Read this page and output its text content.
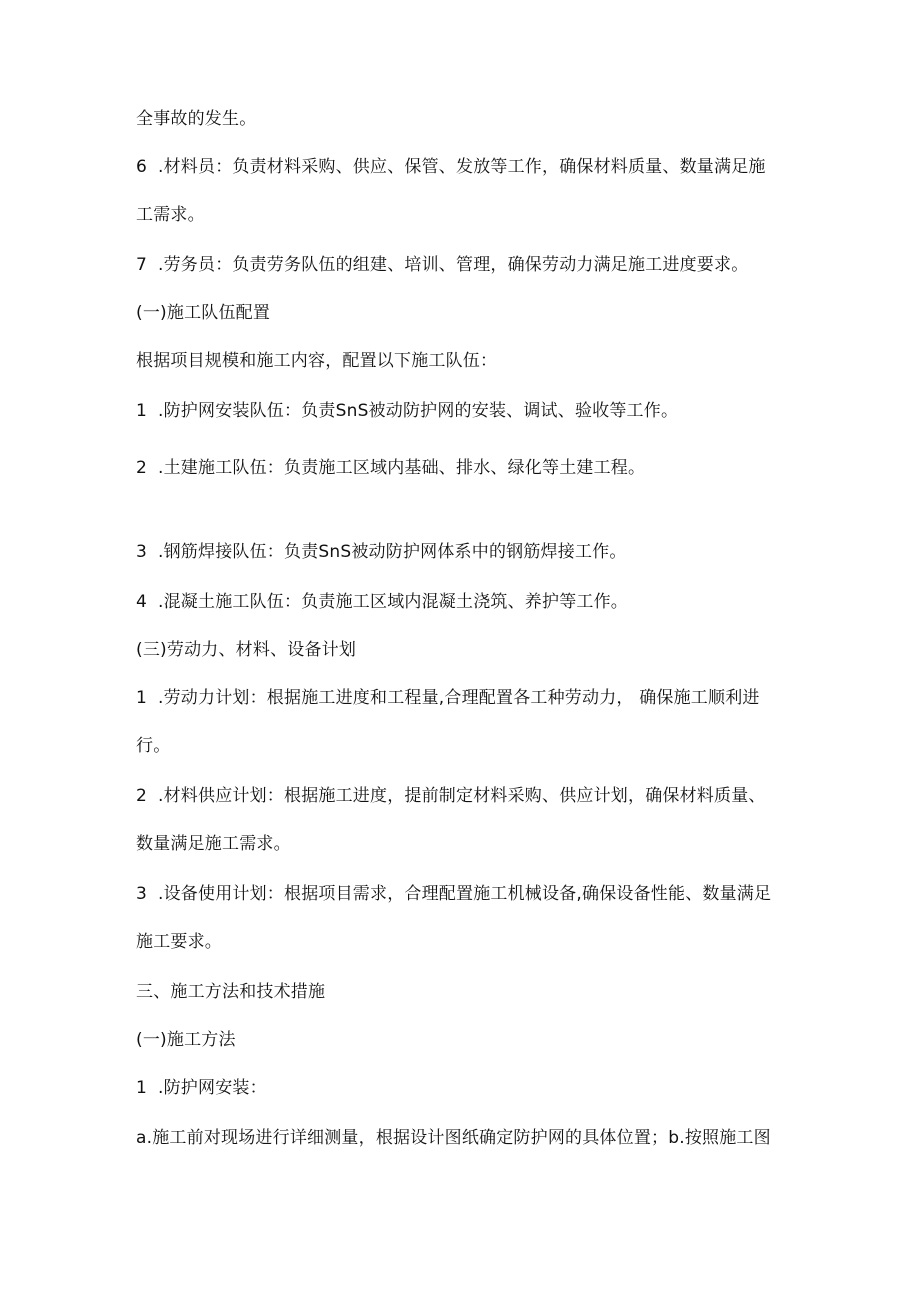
全事故的发生。
6 .材料员：负责材料采购、供应、保管、发放等工作，确保材料质量、数量满足施
工需求。
7 .劳务员：负责劳务队伍的组建、培训、管理，确保劳动力满足施工进度要求。
(一)施工队伍配置
根据项目规模和施工内容，配置以下施工队伍：
1 .防护网安装队伍：负责SnS被动防护网的安装、调试、验收等工作。
2 .土建施工队伍：负责施工区域内基础、排水、绿化等土建工程。
3 .钢筋焊接队伍：负责SnS被动防护网体系中的钢筋焊接工作。
4 .混凝土施工队伍：负责施工区域内混凝土浇筑、养护等工作。
(三)劳动力、材料、设备计划
1 .劳动力计划：根据施工进度和工程量,合理配置各工种劳动力， 确保施工顺利进
行。
2 .材料供应计划：根据施工进度，提前制定材料采购、供应计划，确保材料质量、
数量满足施工需求。
3 .设备使用计划：根据项目需求，合理配置施工机械设备,确保设备性能、数量满足
施工要求。
三、施工方法和技术措施
(一)施工方法
1 .防护网安装：
a.施工前对现场进行详细测量，根据设计图纸确定防护网的具体位置；b.按照施工图
